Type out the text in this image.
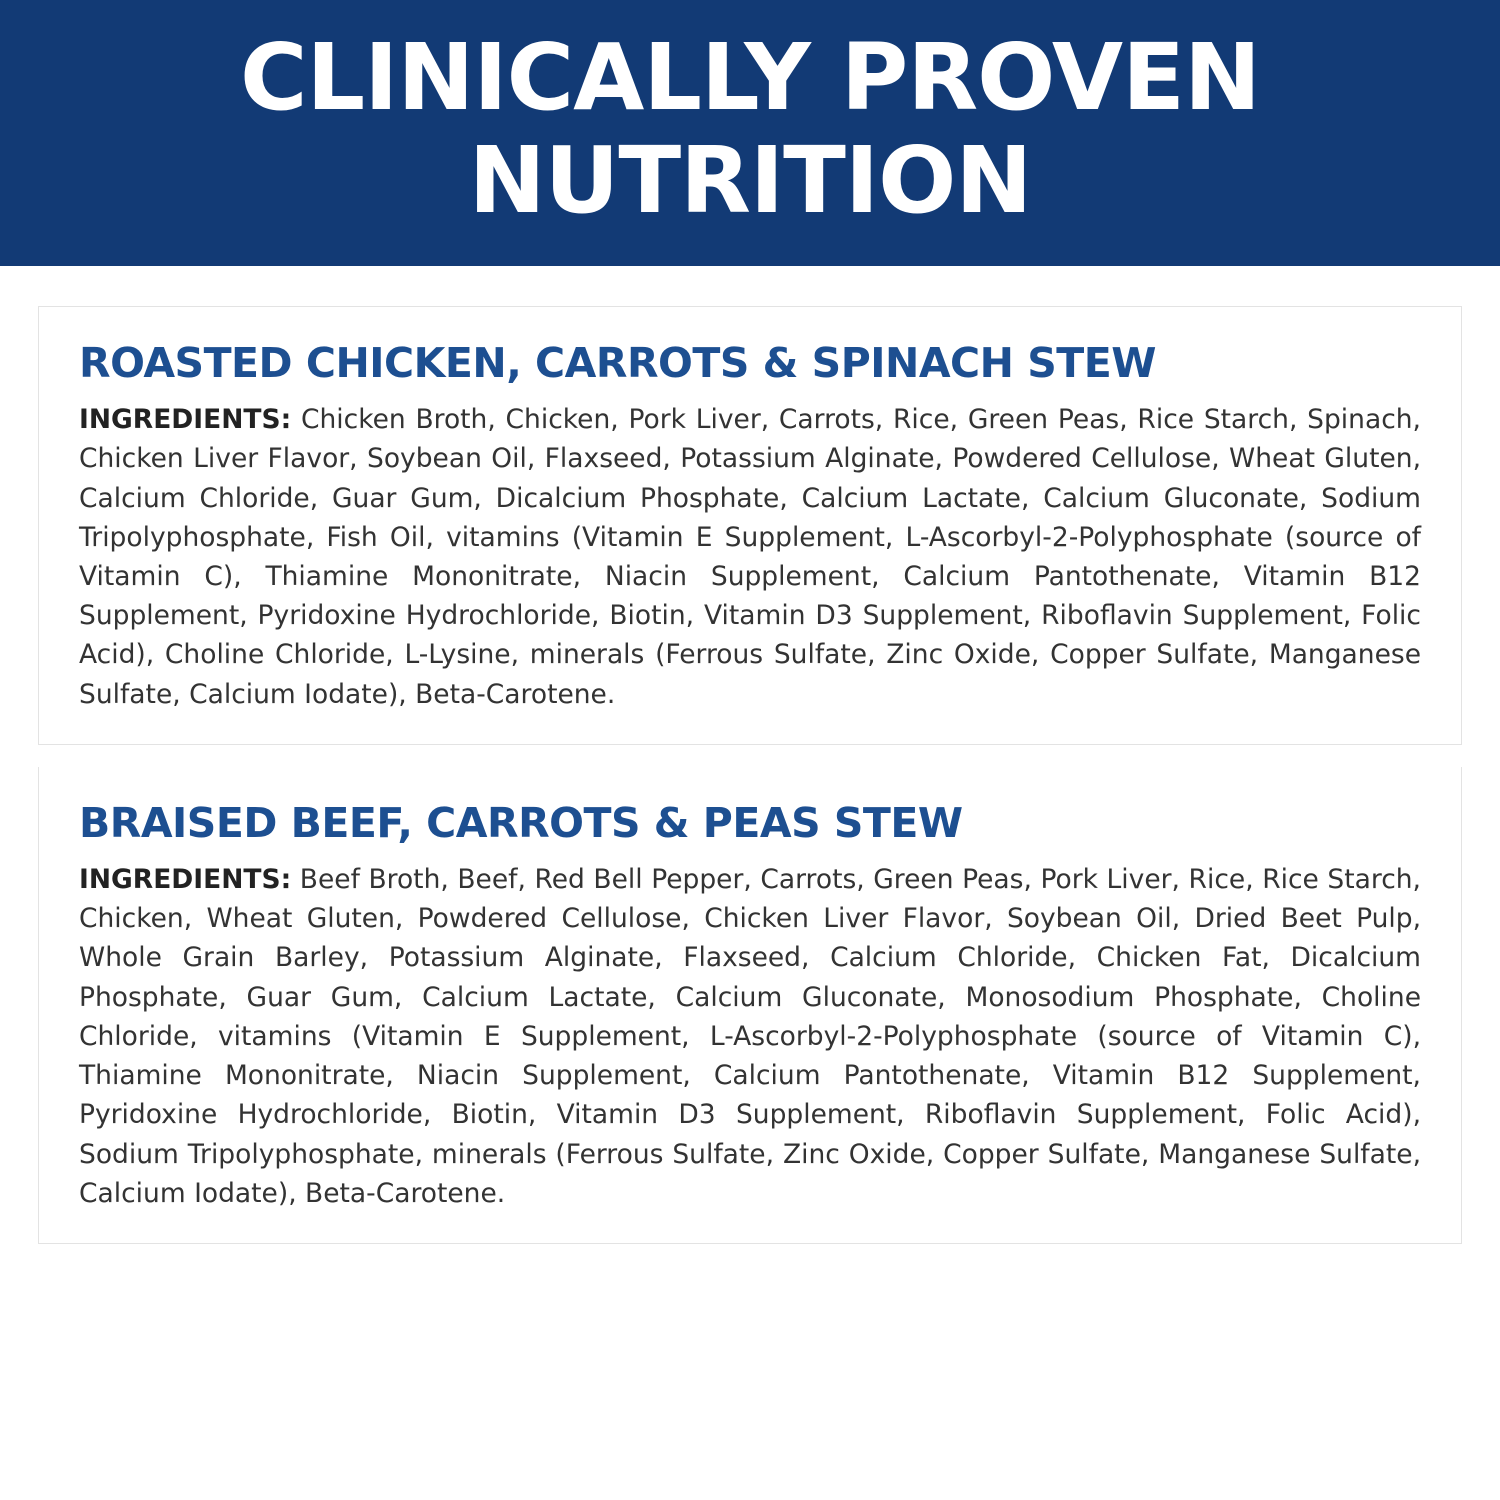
CLINICALLY PROVEN
NUTRITION
ROASTED CHICKEN, CARROTS & SPINACH STEW

INGREDIENTS: Chicken Broth, Chicken, Pork Liver, Carrots, Rice, Green Peas, Rice Starch, Spinach, Chicken Liver Flavor, Soybean Oil, Flaxseed, Potassium Alginate, Powdered Cellulose, Wheat Gluten, Calcium Chloride, Guar Gum, Dicalcium Phosphate, Calcium Lactate, Calcium Gluconate, Sodium Tripolyphosphate, Fish Oil, vitamins (Vitamin E Supplement, L-Ascorbyl-2-Polyphosphate (source of Vitamin C), Thiamine Mononitrate, Niacin Supplement, Calcium Pantothenate, Vitamin B12 Supplement, Pyridoxine Hydrochloride, Biotin, Vitamin D3 Supplement, Riboflavin Supplement, Folic Acid), Choline Chloride, L-Lysine, minerals (Ferrous Sulfate, Zinc Oxide, Copper Sulfate, Manganese Sulfate, Calcium Iodate), Beta-Carotene.

BRAISED BEEF, CARROTS & PEAS STEW

INGREDIENTS: Beef Broth, Beef, Red Bell Pepper, Carrots, Green Peas, Pork Liver, Rice, Rice Starch, Chicken, Wheat Gluten, Powdered Cellulose, Chicken Liver Flavor, Soybean Oil, Dried Beet Pulp, Whole Grain Barley, Potassium Alginate, Flaxseed, Calcium Chloride, Chicken Fat, Dicalcium Phosphate, Guar Gum, Calcium Lactate, Calcium Gluconate, Monosodium Phosphate, Choline Chloride, vitamins (Vitamin E Supplement, L-Ascorbyl-2-Polyphosphate (source of Vitamin C), Thiamine Mononitrate, Niacin Supplement, Calcium Pantothenate, Vitamin B12 Supplement, Pyridoxine Hydrochloride, Biotin, Vitamin D3 Supplement, Riboflavin Supplement, Folic Acid), Sodium Tripolyphosphate, minerals (Ferrous Sulfate, Zinc Oxide, Copper Sulfate, Manganese Sulfate, Calcium Iodate), Beta-Carotene.
